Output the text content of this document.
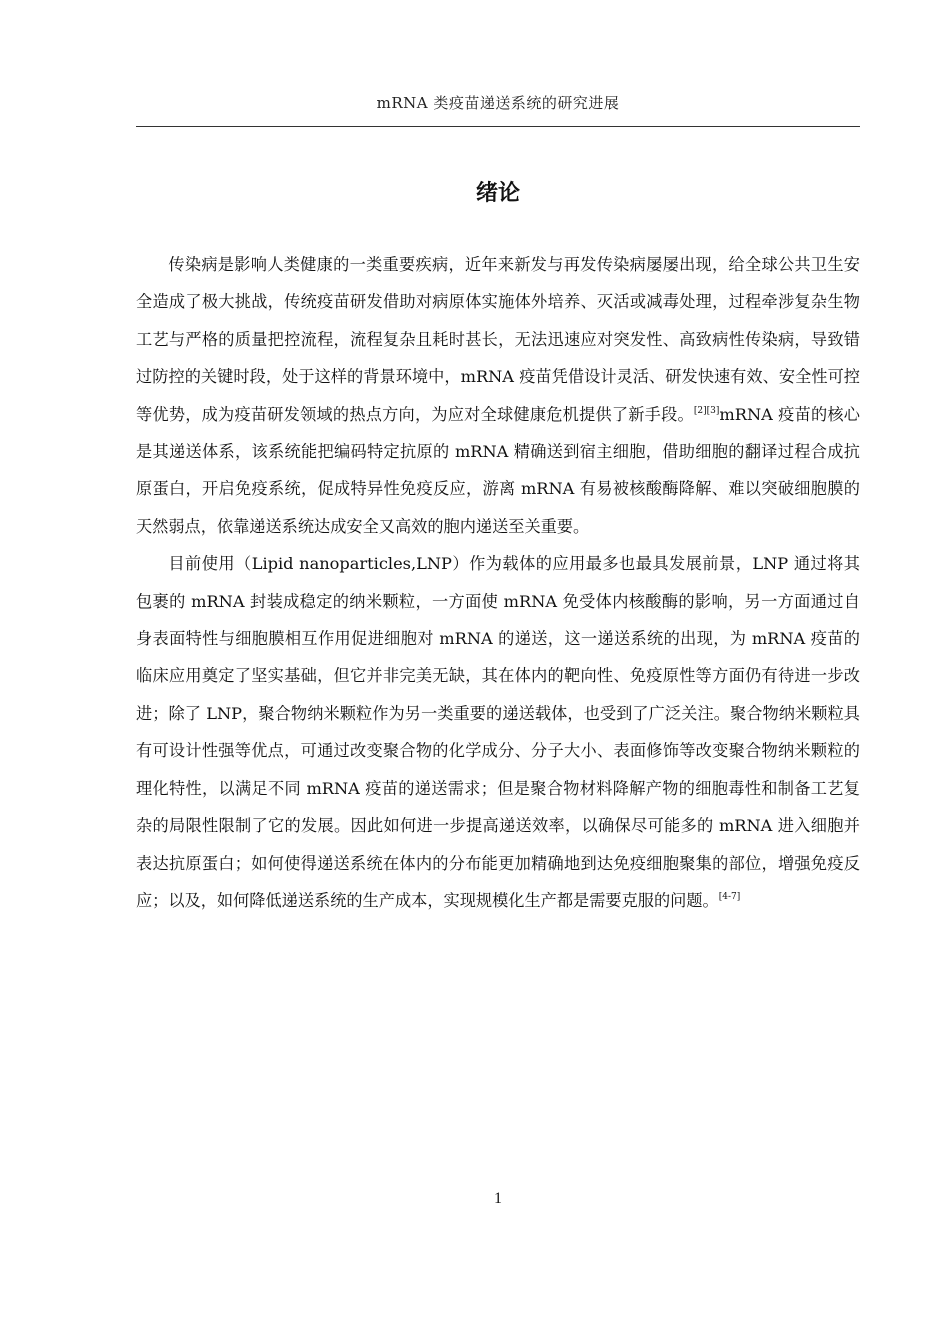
mRNA 类疫苗递送系统的研究进展
绪论

传染病是影响人类健康的一类重要疾病，近年来新发与再发传染病屡屡出现，给全球公共卫生安全造成了极大挑战，传统疫苗研发借助对病原体实施体外培养、灭活或减毒处理，过程牵涉复杂生物工艺与严格的质量把控流程，流程复杂且耗时甚长，无法迅速应对突发性、高致病性传染病，导致错过防控的关键时段，处于这样的背景环境中，mRNA 疫苗凭借设计灵活、研发快速有效、安全性可控等优势，成为疫苗研发领域的热点方向，为应对全球健康危机提供了新手段。[2][3]mRNA 疫苗的核心是其递送体系，该系统能把编码特定抗原的 mRNA 精确送到宿主细胞，借助细胞的翻译过程合成抗原蛋白，开启免疫系统，促成特异性免疫反应，游离 mRNA 有易被核酸酶降解、难以突破细胞膜的天然弱点，依靠递送系统达成安全又高效的胞内递送至关重要。

目前使用（Lipid nanoparticles,LNP）作为载体的应用最多也最具发展前景，LNP 通过将其包裹的 mRNA 封装成稳定的纳米颗粒，一方面使 mRNA 免受体内核酸酶的影响，另一方面通过自身表面特性与细胞膜相互作用促进细胞对 mRNA 的递送，这一递送系统的出现，为 mRNA 疫苗的临床应用奠定了坚实基础，但它并非完美无缺，其在体内的靶向性、免疫原性等方面仍有待进一步改进；除了 LNP，聚合物纳米颗粒作为另一类重要的递送载体，也受到了广泛关注。聚合物纳米颗粒具有可设计性强等优点，可通过改变聚合物的化学成分、分子大小、表面修饰等改变聚合物纳米颗粒的理化特性，以满足不同 mRNA 疫苗的递送需求；但是聚合物材料降解产物的细胞毒性和制备工艺复杂的局限性限制了它的发展。因此如何进一步提高递送效率，以确保尽可能多的 mRNA 进入细胞并表达抗原蛋白；如何使得递送系统在体内的分布能更加精确地到达免疫细胞聚集的部位，增强免疫反应；以及，如何降低递送系统的生产成本，实现规模化生产都是需要克服的问题。[4-7]

1
